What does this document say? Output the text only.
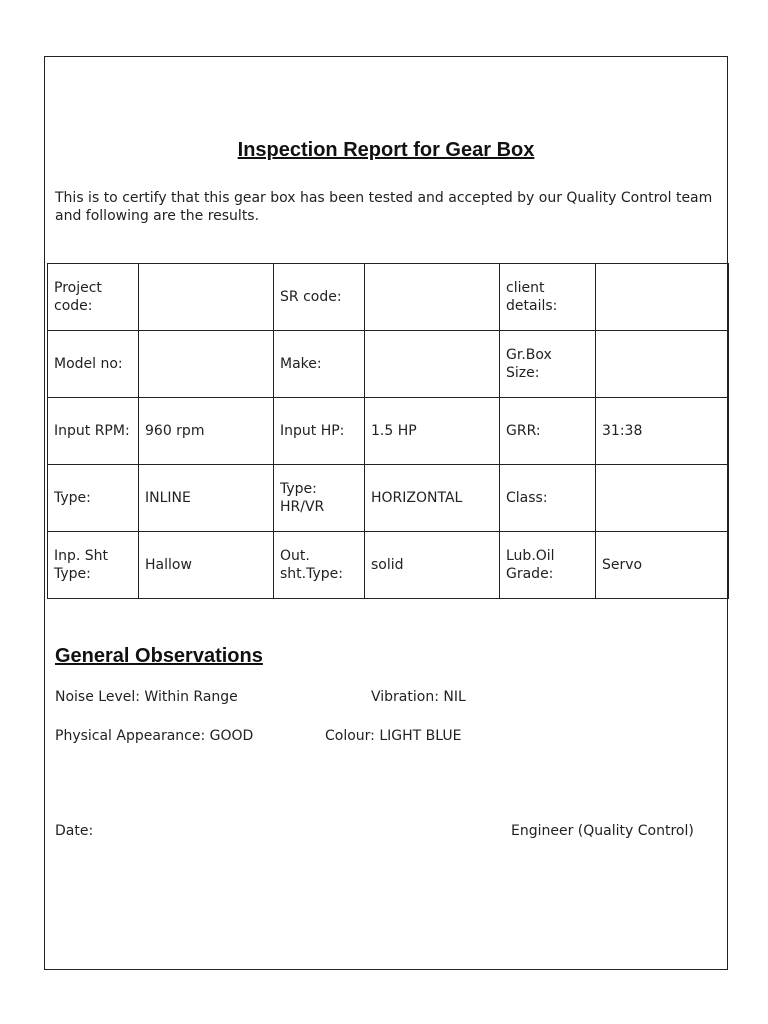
Inspection Report for Gear Box
This is to certify that this gear box has been tested and accepted by our Quality Control team and following are the results.
Project code:		SR code:		client details:	
Model no:		Make:		Gr.Box Size:	
Input RPM:	960 rpm	Input HP:	1.5 HP	GRR:	31:38
Type:	INLINE	Type: HR/VR	HORIZONTAL	Class:	
Inp. Sht Type:	Hallow	Out. sht.Type:	solid	Lub.Oil Grade:	Servo
General Observations
Noise Level: Within Range	Vibration: NIL
Physical Appearance: GOOD	Colour: LIGHT BLUE
Date:	Engineer (Quality Control)
